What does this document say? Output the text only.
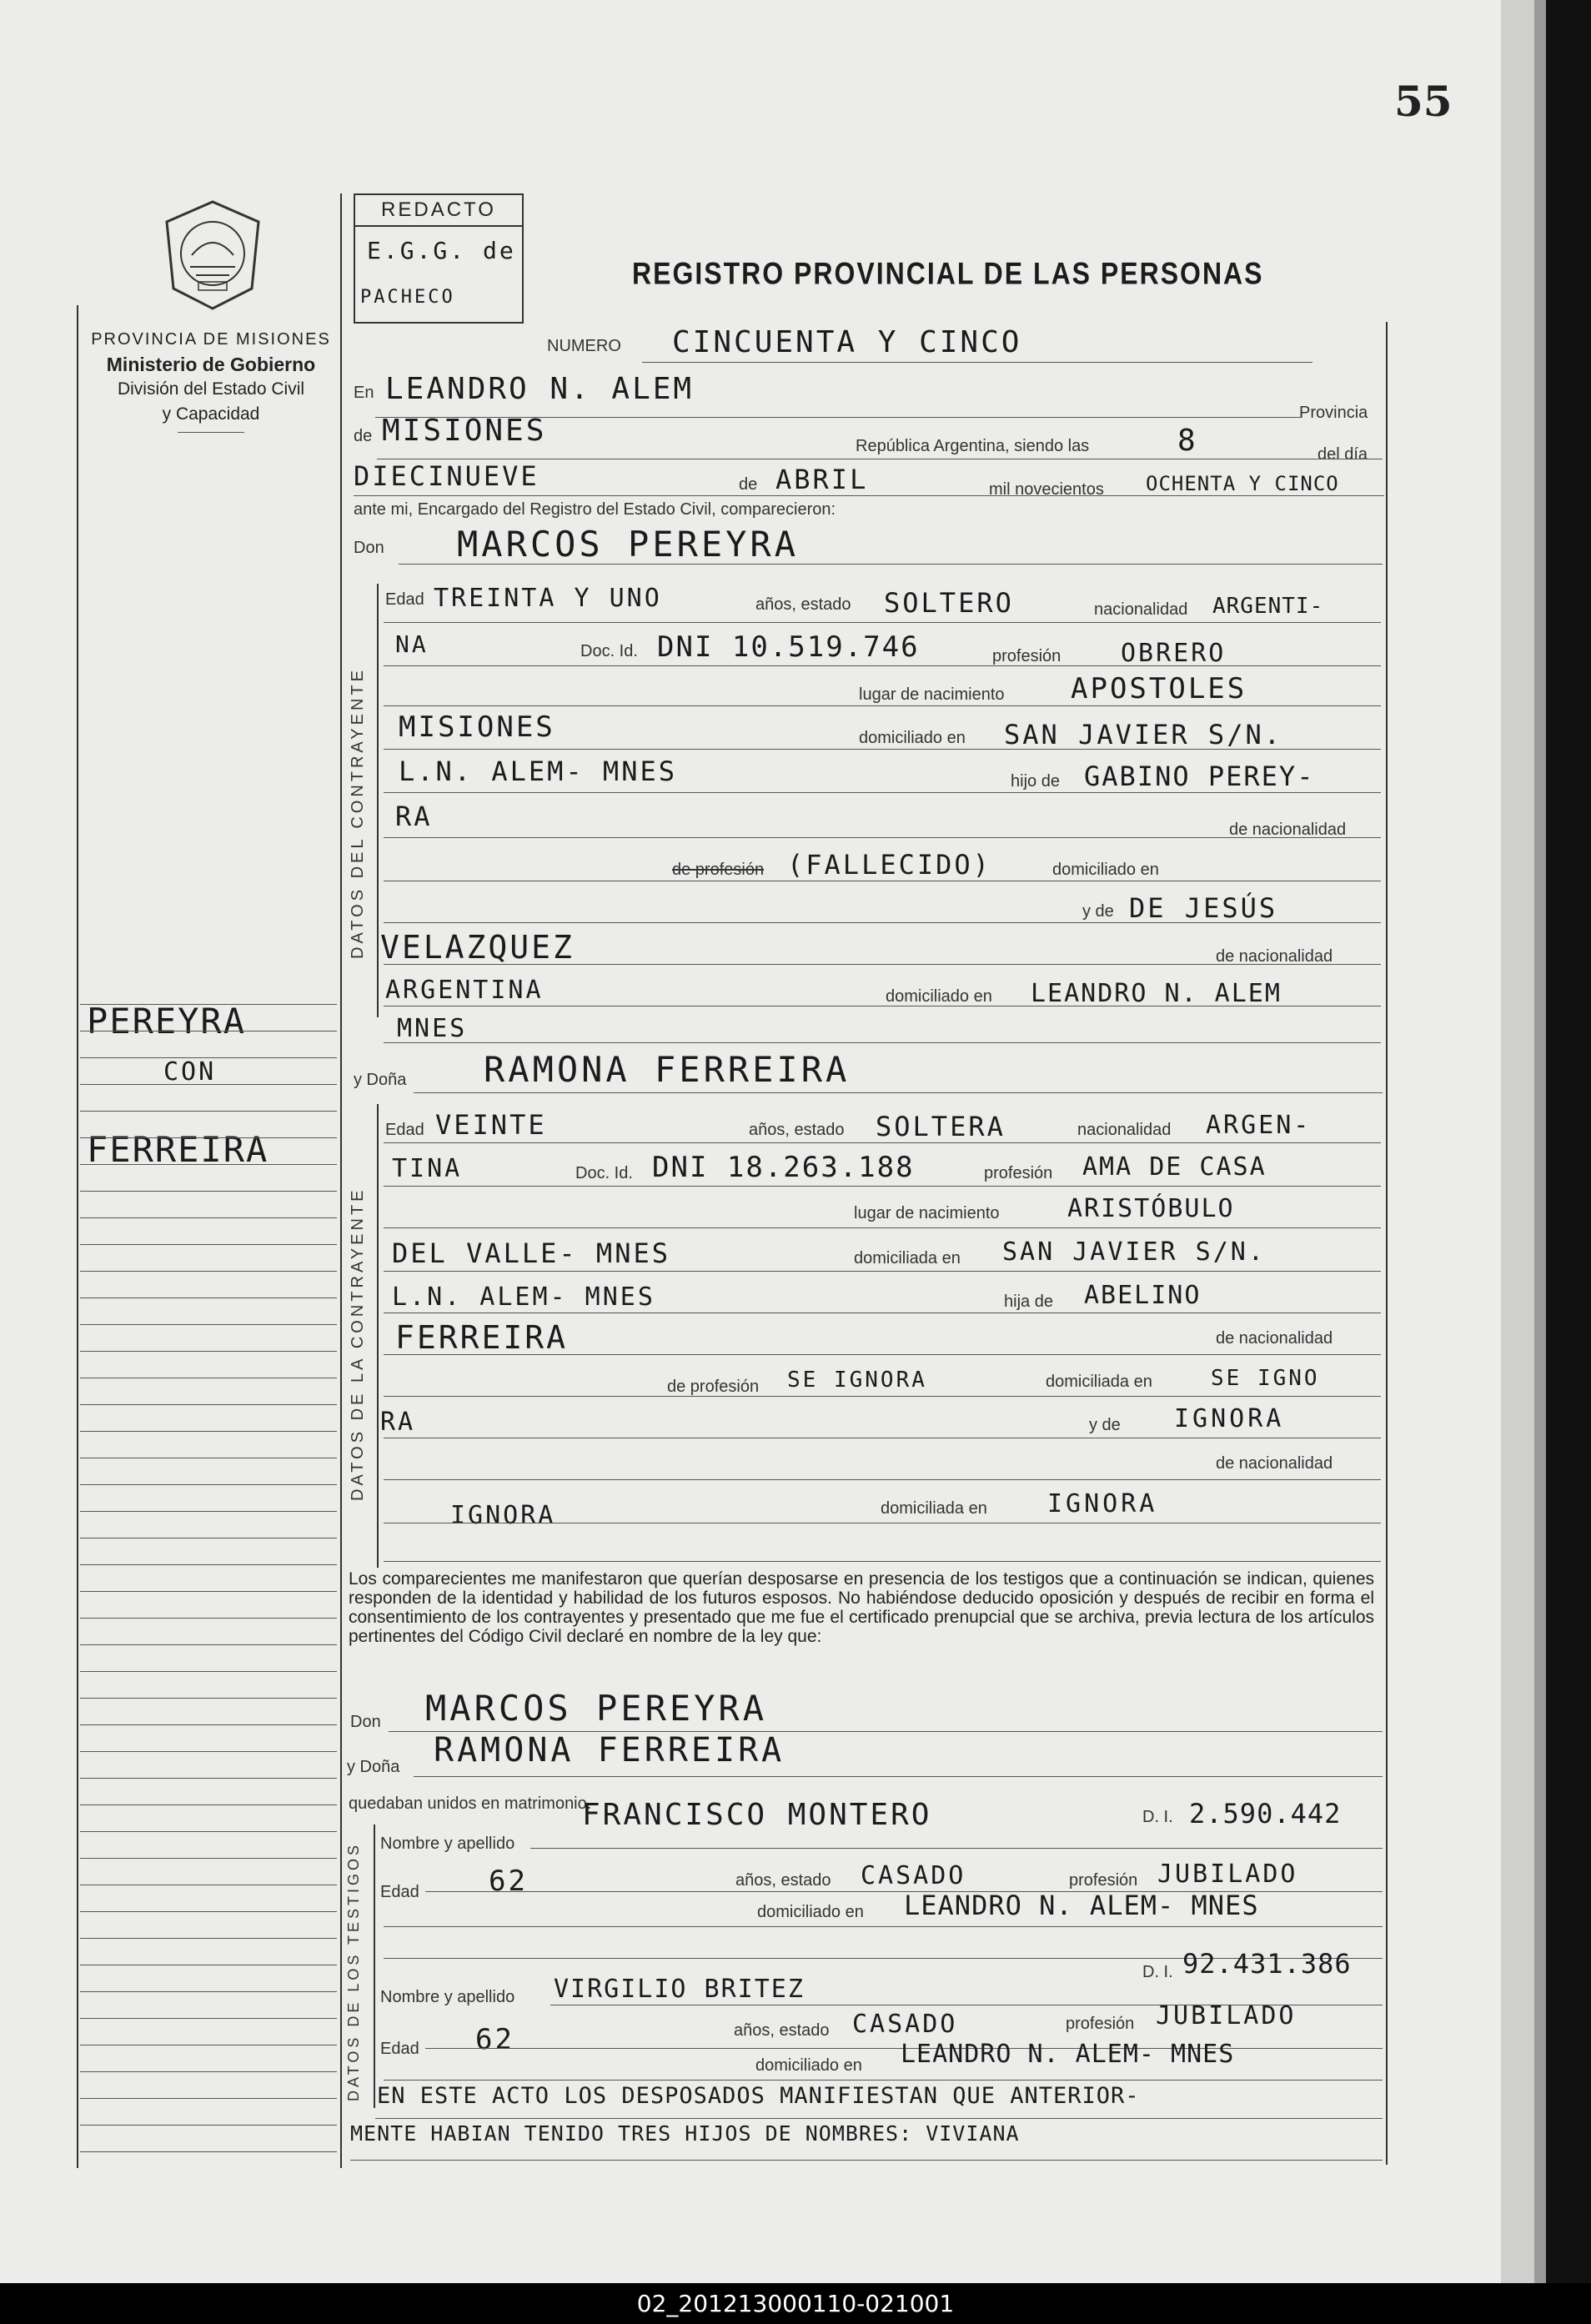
55
PROVINCIA DE MISIONES
Ministerio de Gobierno
División del Estado Civil
y Capacidad
REDACTO
E.G.G. de
PACHECO
REGISTRO PROVINCIAL DE LAS PERSONAS
PEREYRA
CON
FERREIRA
NUMERO CINCUENTA Y CINCO
En LEANDRO N. ALEM
Provincia
de MISIONES	República Argentina, siendo las	8	del día
DIECINUEVE	de ABRIL	mil novecientos OCHENTA Y CINCO
ante mi, Encargado del Registro del Estado Civil, comparecieron:
Don MARCOS PEREYRA
DATOS DEL CONTRAYENTE
Edad TREINTA Y UNO	años, estado SOLTERO	nacionalidad ARGENTI-
NA	Doc. Id. DNI 10.519.746	profesión OBRERO
lugar de nacimiento APOSTOLES
MISIONES	domiciliado en SAN JAVIER S/N.
L.N. ALEM- MNES	hijo de GABINO PEREY-
RA	de nacionalidad
de profesión (FALLECIDO)	domiciliado en
y de DE JESÚS
VELAZQUEZ	de nacionalidad
ARGENTINA	domiciliado en LEANDRO N. ALEM
MNES
y Doña RAMONA FERREIRA
DATOS DE LA CONTRAYENTE
Edad VEINTE	años, estado SOLTERA	nacionalidad ARGEN-
TINA	Doc. Id. DNI 18.263.188	profesión AMA DE CASA
lugar de nacimiento	ARISTÓBULO
DEL VALLE- MNES	domiciliada en SAN JAVIER S/N.
L.N. ALEM- MNES	hija de ABELINO
FERREIRA	de nacionalidad
de profesión SE IGNORA	domiciliada en	SE IGNO
RA	y de IGNORA
de nacionalidad
IGNORA	domiciliada en IGNORA
Los comparecientes me manifestaron que querían desposarse en presencia de los testigos que a continuación se indican, quienes responden de la identidad y habilidad de los futuros esposos. No habiéndose deducido oposición y después de recibir en forma el consentimiento de los contrayentes y presentado que me fue el certificado prenupcial que se archiva, previa lectura de los artículos pertinentes del Código Civil declaré en nombre de la ley que:
Don MARCOS PEREYRA
y Doña RAMONA FERREIRA
quedaban unidos en matrimonio.
DATOS DE LOS TESTIGOS Nombre y apellido
FRANCISCO MONTERO	D. I. 2.590.442
Edad 62	años, estado CASADO	profesión JUBILADO
domiciliado en LEANDRO N. ALEM- MNES
Nombre y apellido VIRGILIO BRITEZ
D. I. 92.431.386
Edad 62	años, estado CASADO	profesión JUBILADO
domiciliado en LEANDRO N. ALEM- MNES
EN ESTE ACTO LOS DESPOSADOS MANIFIESTAN QUE ANTERIOR-
MENTE HABIAN TENIDO TRES HIJOS DE NOMBRES: VIVIANA
02_201213000110-021001
